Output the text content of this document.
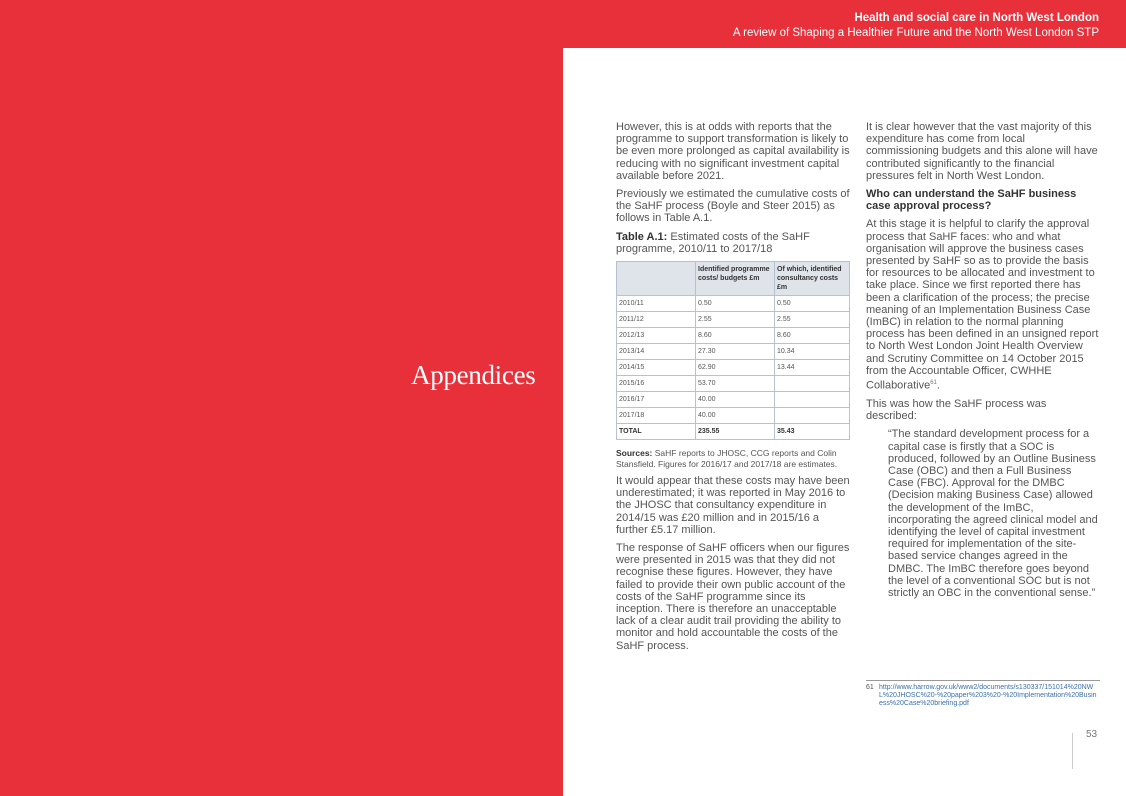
Appendices
Health and social care in North West London
A review of Shaping a Healthier Future and the North West London STP

However, this is at odds with reports that the programme to support transformation is likely to be even more prolonged as capital availability is reducing with no significant investment capital available before 2021.

Previously we estimated the cumulative costs of the SaHF process (Boyle and Steer 2015) as follows in Table A.1.

Table A.1: Estimated costs of the SaHF programme, 2010/11 to 2017/18

	Identified programme costs/ budgets £m	Of which, identified consultancy costs £m
2010/11	0.50	0.50
2011/12	2.55	2.55
2012/13	8.60	8.60
2013/14	27.30	10.34
2014/15	62.90	13.44
2015/16	53.70	
2016/17	40.00	
2017/18	40.00	
TOTAL	235.55	35.43

Sources: SaHF reports to JHOSC, CCG reports and Colin Stansfield. Figures for 2016/17 and 2017/18 are estimates.

It would appear that these costs may have been underestimated; it was reported in May 2016 to the JHOSC that consultancy expenditure in 2014/15 was £20 million and in 2015/16 a further £5.17 million.

The response of SaHF officers when our figures were presented in 2015 was that they did not recognise these figures. However, they have failed to provide their own public account of the costs of the SaHF programme since its inception. There is therefore an unacceptable lack of a clear audit trail providing the ability to monitor and hold accountable the costs of the SaHF process.

It is clear however that the vast majority of this expenditure has come from local commissioning budgets and this alone will have contributed significantly to the financial pressures felt in North West London.

Who can understand the SaHF business case approval process?

At this stage it is helpful to clarify the approval process that SaHF faces: who and what organisation will approve the business cases presented by SaHF so as to provide the basis for resources to be allocated and investment to take place. Since we first reported there has been a clarification of the process; the precise meaning of an Implementation Business Case (ImBC) in relation to the normal planning process has been defined in an unsigned report to North West London Joint Health Overview and Scrutiny Committee on 14 October 2015 from the Accountable Officer, CWHHE Collaborative$^{61}$.

This was how the SaHF process was described:

“The standard development process for a capital case is firstly that a SOC is produced, followed by an Outline Business Case (OBC) and then a Full Business Case (FBC). Approval for the DMBC (Decision making Business Case) allowed the development of the ImBC, incorporating the agreed clinical model and identifying the level of capital investment required for implementation of the site-based service changes agreed in the DMBC. The ImBC therefore goes beyond the level of a conventional SOC but is not strictly an OBC in the conventional sense.”

61 http://www.harrow.gov.uk/www2/documents/s130337/151014%20NWL%20JHOSC%20-%20paper%203%20-%20Implementation%20Business%20Case%20briefing.pdf
53
